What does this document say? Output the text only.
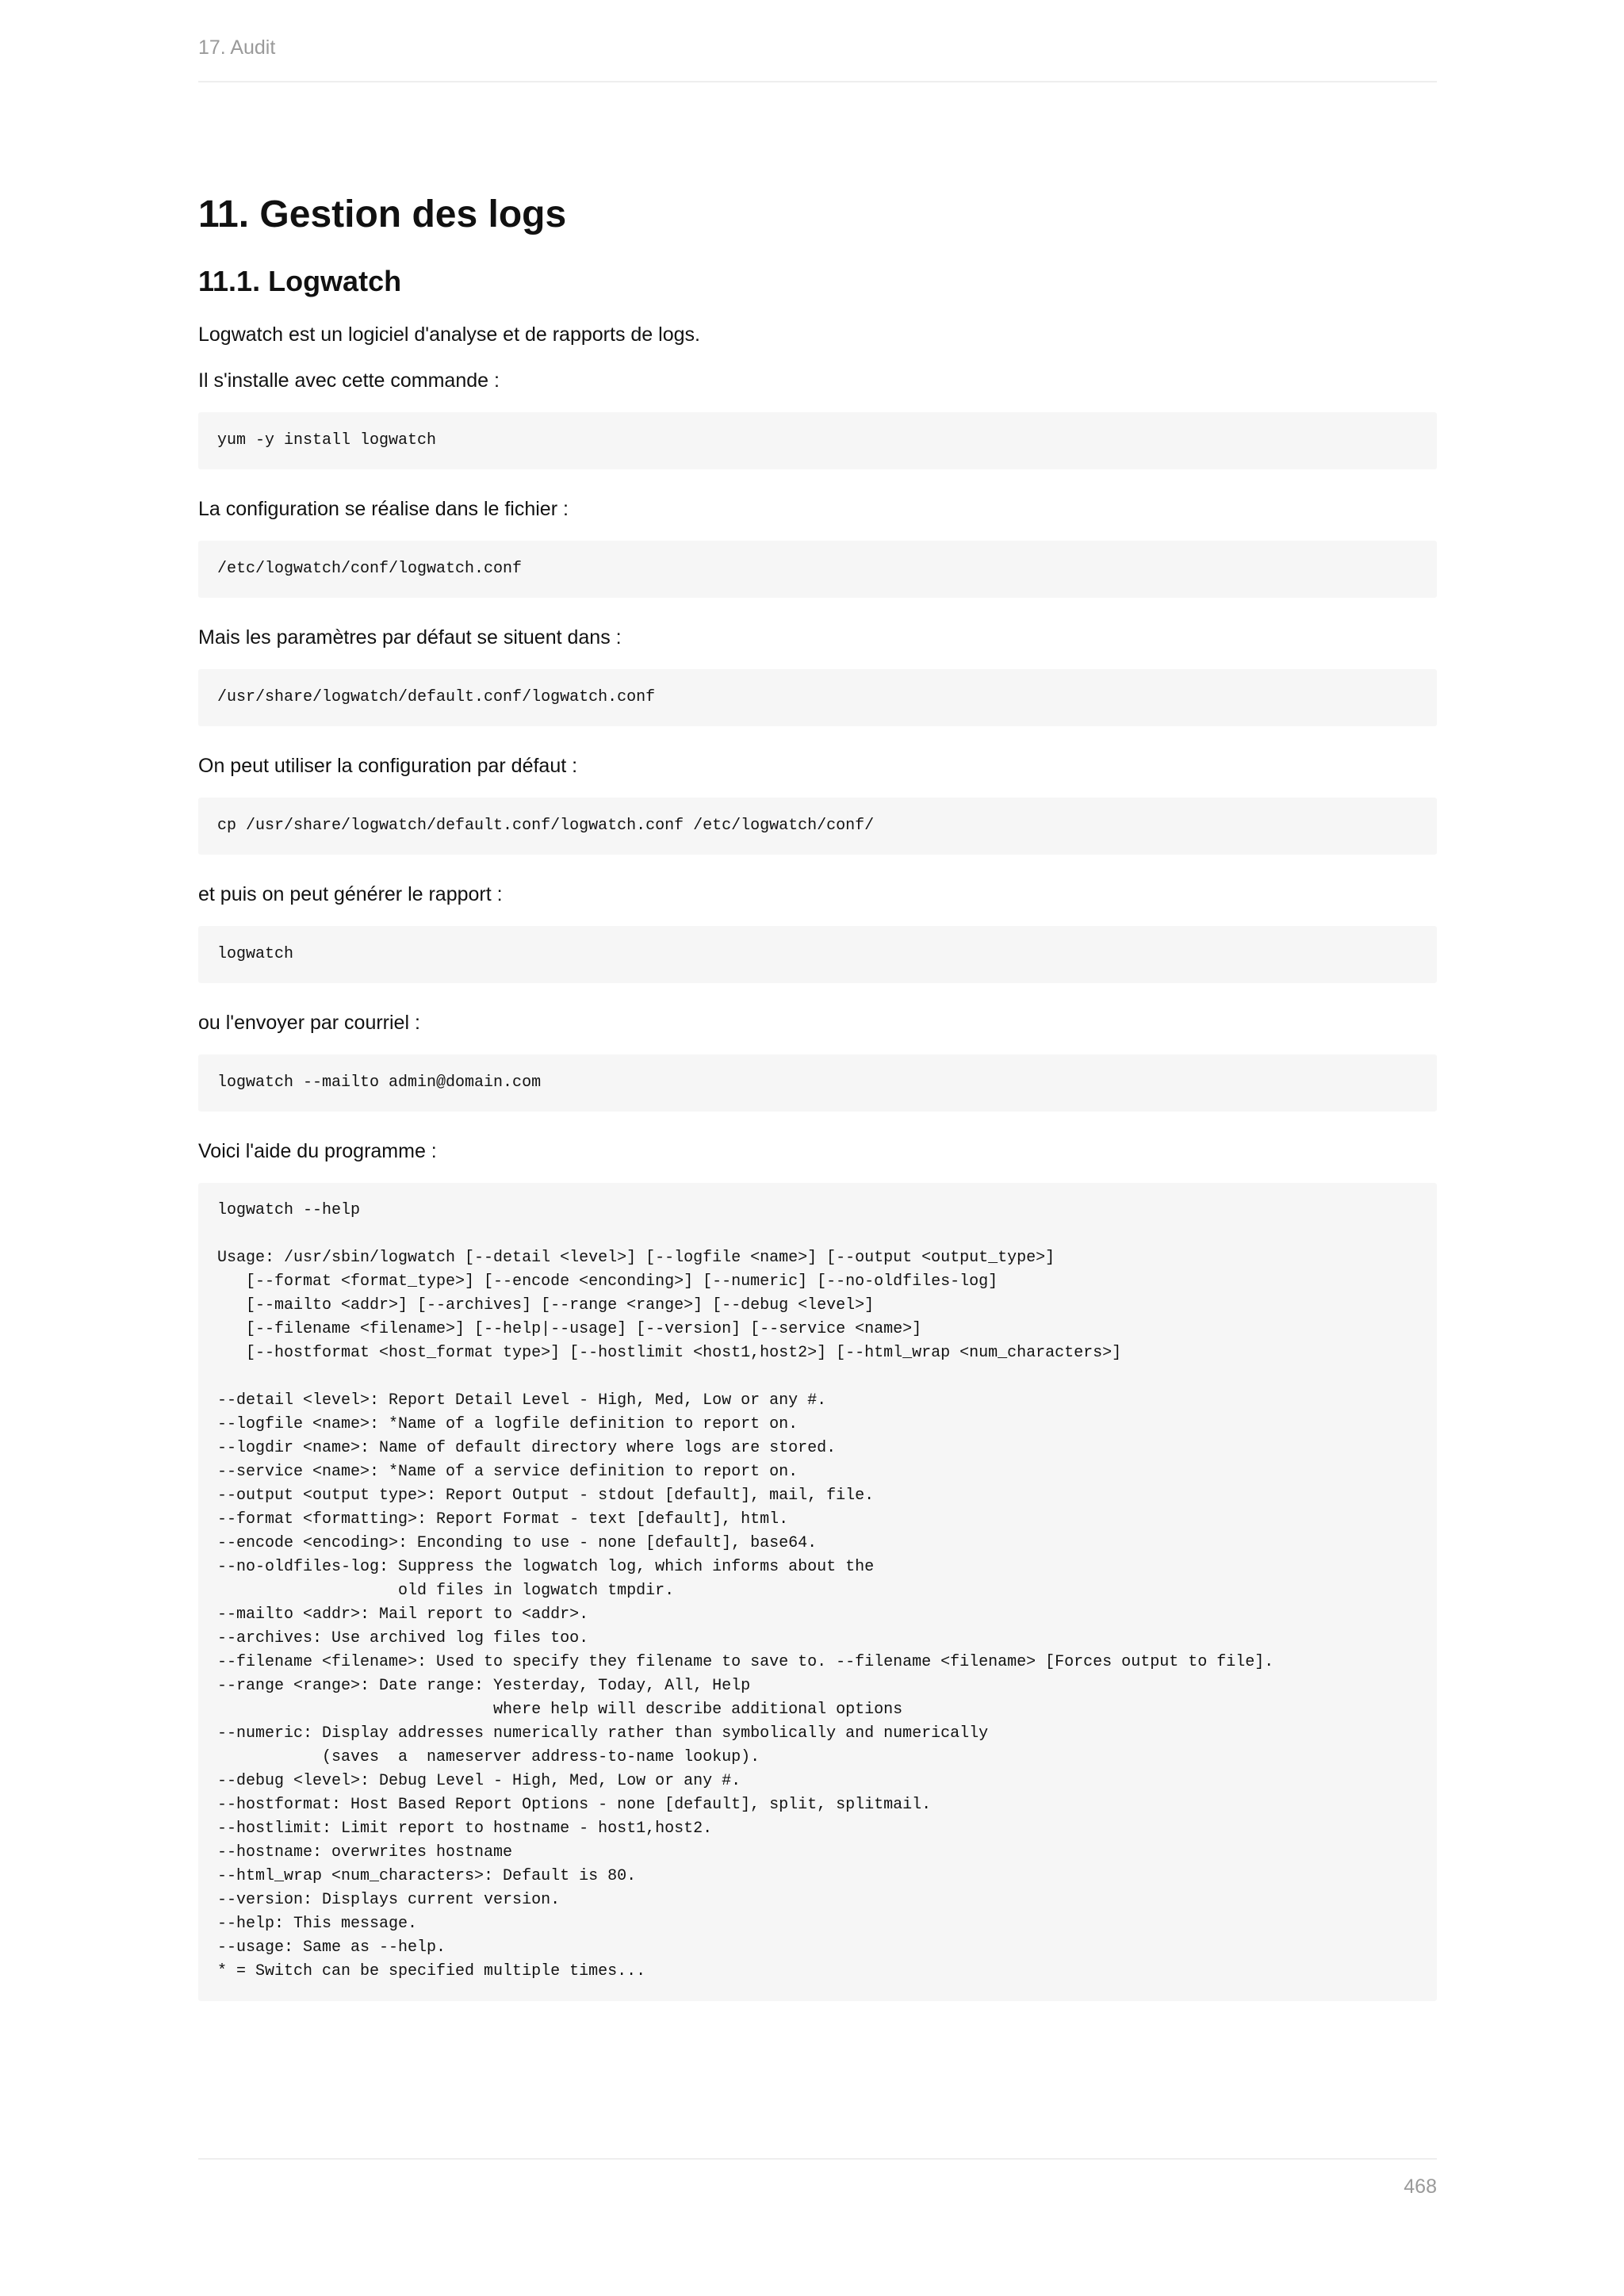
17. Audit
11. Gestion des logs
11.1. Logwatch

Logwatch est un logiciel d'analyse et de rapports de logs.

Il s'installe avec cette commande :

yum -y install logwatch

La configuration se réalise dans le fichier :

/etc/logwatch/conf/logwatch.conf

Mais les paramètres par défaut se situent dans :

/usr/share/logwatch/default.conf/logwatch.conf

On peut utiliser la configuration par défaut :

cp /usr/share/logwatch/default.conf/logwatch.conf /etc/logwatch/conf/

et puis on peut générer le rapport :

logwatch

ou l'envoyer par courriel :

logwatch --mailto admin@domain.com

Voici l'aide du programme :

logwatch --help

Usage: /usr/sbin/logwatch [--detail <level>] [--logfile <name>] [--output <output_type>]
[--format <format_type>] [--encode <enconding>] [--numeric] [--no-oldfiles-log]
[--mailto <addr>] [--archives] [--range <range>] [--debug <level>]
[--filename <filename>] [--help|--usage] [--version] [--service <name>]
[--hostformat <host_format type>] [--hostlimit <host1,host2>] [--html_wrap <num_characters>]

--detail <level>: Report Detail Level - High, Med, Low or any #.
--logfile <name>: *Name of a logfile definition to report on.
--logdir <name>: Name of default directory where logs are stored.
--service <name>: *Name of a service definition to report on.
--output <output type>: Report Output - stdout [default], mail, file.
--format <formatting>: Report Format - text [default], html.
--encode <encoding>: Enconding to use - none [default], base64.
--no-oldfiles-log: Suppress the logwatch log, which informs about the
old files in logwatch tmpdir.
--mailto <addr>: Mail report to <addr>.
--archives: Use archived log files too.
--filename <filename>: Used to specify they filename to save to. --filename <filename> [Forces output to file].
--range <range>: Date range: Yesterday, Today, All, Help
where help will describe additional options
--numeric: Display addresses numerically rather than symbolically and numerically
(saves  a  nameserver address-to-name lookup).
--debug <level>: Debug Level - High, Med, Low or any #.
--hostformat: Host Based Report Options - none [default], split, splitmail.
--hostlimit: Limit report to hostname - host1,host2.
--hostname: overwrites hostname
--html_wrap <num_characters>: Default is 80.
--version: Displays current version.
--help: This message.
--usage: Same as --help.
* = Switch can be specified multiple times...
468
